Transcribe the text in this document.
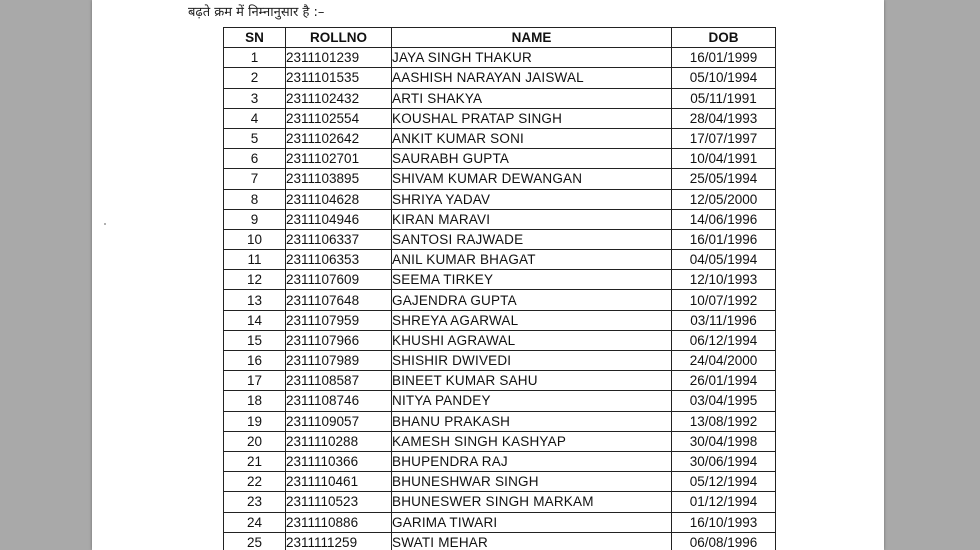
बढ़ते क्रम में निम्नानुसार है :–
SN	ROLLNO	NAME	DOB
1	2311101239	JAYA SINGH THAKUR	16/01/1999
2	2311101535	AASHISH NARAYAN JAISWAL	05/10/1994
3	2311102432	ARTI SHAKYA	05/11/1991
4	2311102554	KOUSHAL PRATAP SINGH	28/04/1993
5	2311102642	ANKIT KUMAR SONI	17/07/1997
6	2311102701	SAURABH GUPTA	10/04/1991
7	2311103895	SHIVAM KUMAR DEWANGAN	25/05/1994
8	2311104628	SHRIYA YADAV	12/05/2000
9	2311104946	KIRAN MARAVI	14/06/1996
10	2311106337	SANTOSI RAJWADE	16/01/1996
11	2311106353	ANIL KUMAR BHAGAT	04/05/1994
12	2311107609	SEEMA TIRKEY	12/10/1993
13	2311107648	GAJENDRA GUPTA	10/07/1992
14	2311107959	SHREYA AGARWAL	03/11/1996
15	2311107966	KHUSHI AGRAWAL	06/12/1994
16	2311107989	SHISHIR DWIVEDI	24/04/2000
17	2311108587	BINEET KUMAR SAHU	26/01/1994
18	2311108746	NITYA PANDEY	03/04/1995
19	2311109057	BHANU PRAKASH	13/08/1992
20	2311110288	KAMESH SINGH KASHYAP	30/04/1998
21	2311110366	BHUPENDRA RAJ	30/06/1994
22	2311110461	BHUNESHWAR SINGH	05/12/1994
23	2311110523	BHUNESWER SINGH MARKAM	01/12/1994
24	2311110886	GARIMA TIWARI	16/10/1993
25	2311111259	SWATI MEHAR	06/08/1996
